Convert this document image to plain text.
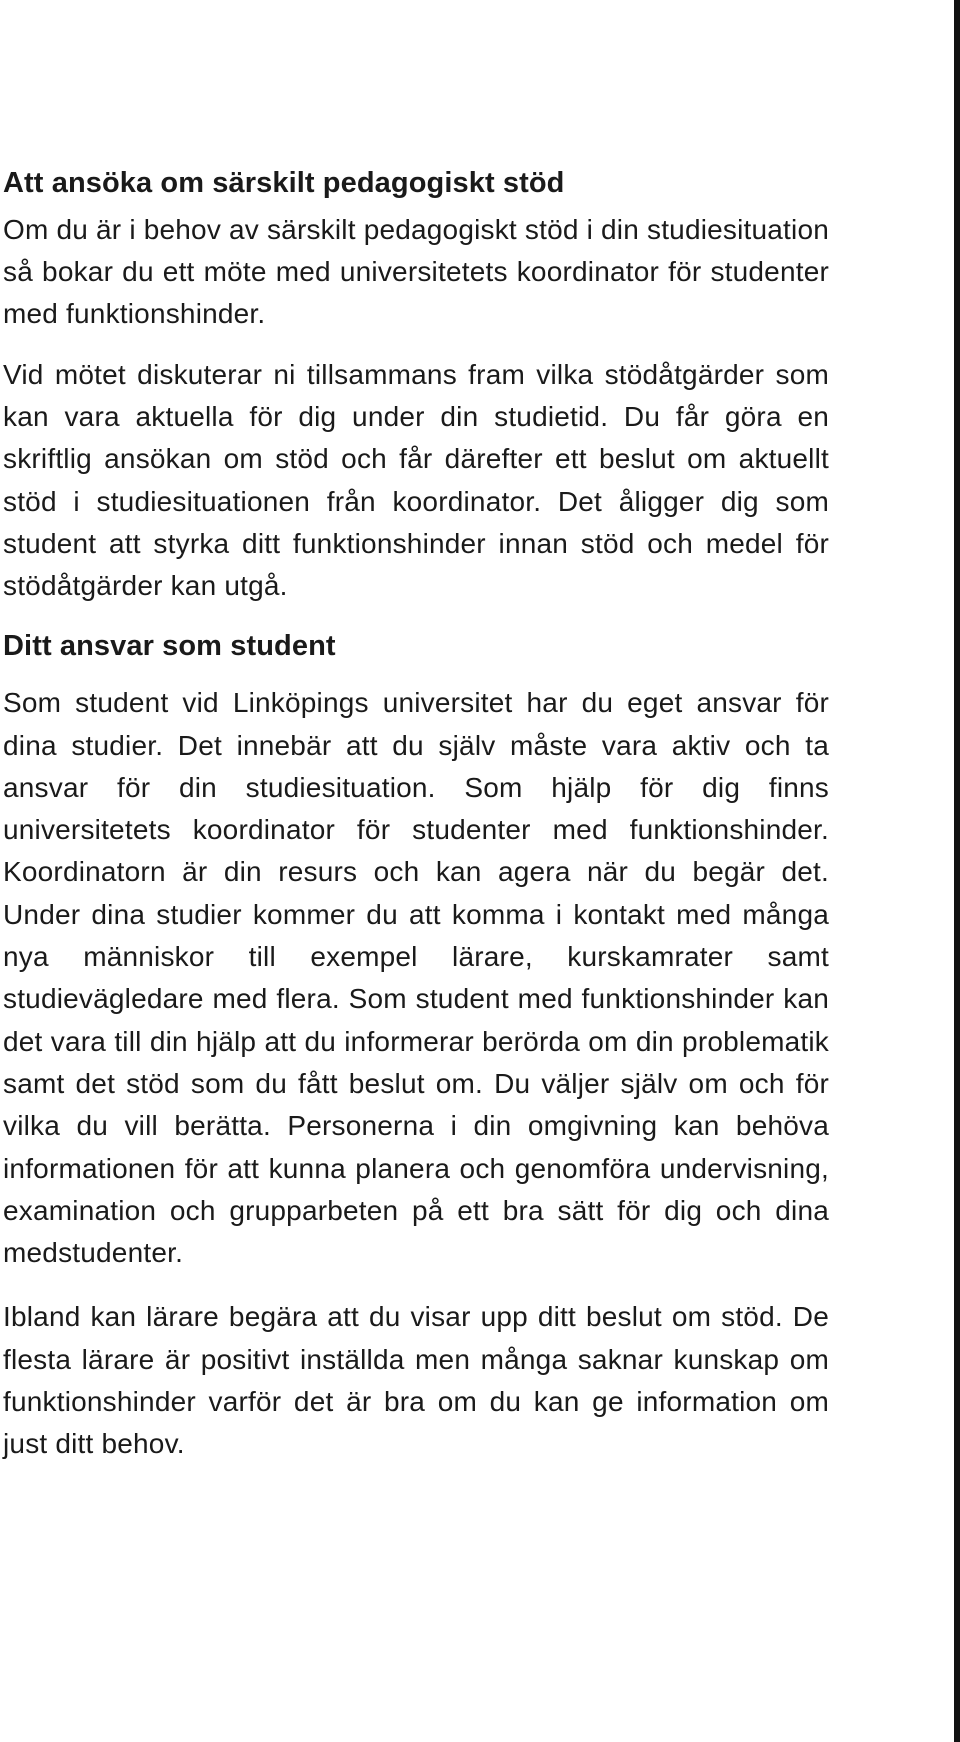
Att ansöka om särskilt pedagogiskt stöd

Om du är i behov av särskilt pedagogiskt stöd i din studiesituation så bokar du ett möte med universitetets koordinator för studenter med funktionshinder.

Vid mötet diskuterar ni tillsammans fram vilka stödåtgärder som kan vara aktuella för dig under din studietid. Du får göra en skriftlig ansökan om stöd och får därefter ett beslut om aktuellt stöd i studiesituationen från koordinator. Det åligger dig som student att styrka ditt funktionshinder innan stöd och medel för stödåtgärder kan utgå.

Ditt ansvar som student

Som student vid Linköpings universitet har du eget ansvar för dina studier. Det innebär att du själv måste vara aktiv och ta ansvar för din studiesituation. Som hjälp för dig finns universitetets koordinator för studenter med funktionshinder. Koordinatorn är din resurs och kan agera när du begär det. Under dina studier kommer du att komma i kontakt med många nya människor till exempel lärare, kurskamrater samt studievägledare med flera. Som student med funktionshinder kan det vara till din hjälp att du informerar berörda om din problematik samt det stöd som du fått beslut om. Du väljer själv om och för vilka du vill berätta. Personerna i din omgivning kan behöva informationen för att kunna planera och genomföra undervisning, examination och grupparbeten på ett bra sätt för dig och dina medstudenter.

Ibland kan lärare begära att du visar upp ditt beslut om stöd. De flesta lärare är positivt inställda men många saknar kunskap om funktionshinder varför det är bra om du kan ge information om just ditt behov.
